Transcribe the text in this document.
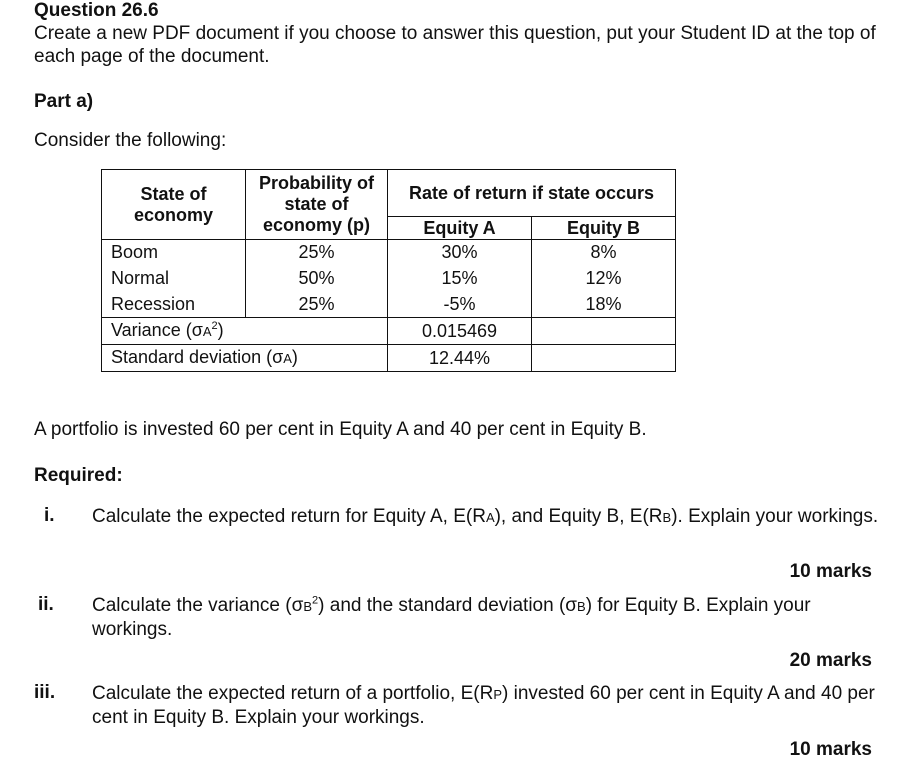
Question 26.6
Create a new PDF document if you choose to answer this question, put your Student ID at the top of each page of the document.
Part a)
Consider the following:
State of economy	Probability of state of economy (p)	Rate of return if state occurs	
		Equity A	Equity B
Boom	25%	30%	8%
Normal	50%	15%	12%
Recession	25%	-5%	18%
Variance $(\sigma A^2)$		0.015469	
Standard deviation (σA)		12.44%	
A portfolio is invested 60 per cent in Equity A and 40 per cent in Equity B.
Required:
i. Calculate the expected return for Equity A, E(RA), and Equity B, E(RB). Explain your workings.
10 marks
ii. Calculate the variance $(\sigma B^2)$ and the standard deviation (σB) for Equity B. Explain your workings.
20 marks
iii. Calculate the expected return of a portfolio, E(RP) invested 60 per cent in Equity A and 40 per cent in Equity B. Explain your workings.
10 marks
